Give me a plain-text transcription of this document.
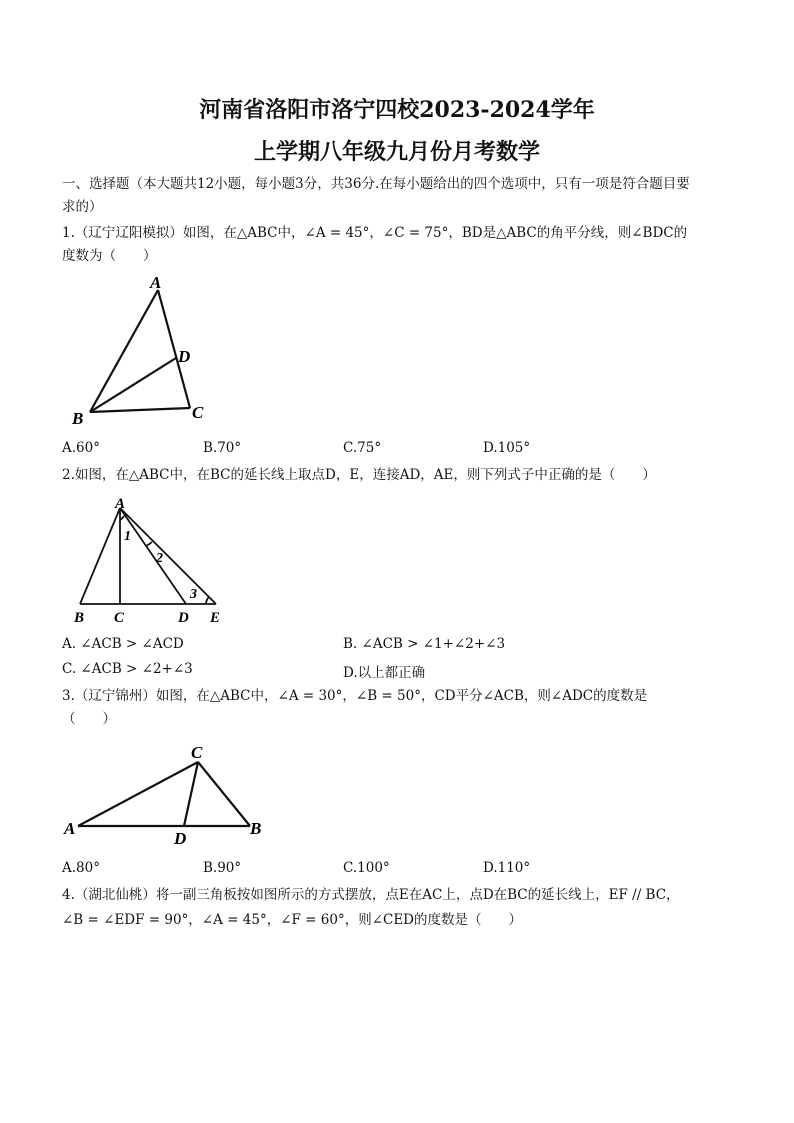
河南省洛阳市洛宁四校2023-2024学年
上学期八年级九月份月考数学
一、选择题（本大题共12小题，每小题3分，共36分.在每小题给出的四个选项中，只有一项是符合题目要
求的）
1.（辽宁辽阳模拟）如图，在△ABC中，∠A = 45°，∠C = 75°，BD是△ABC的角平分线，则∠BDC的
度数为（　　）
A
D
B	C
A.60°	B.70°	C.75°	D.105°
2.如图，在△ABC中，在BC的延长线上取点D，E，连接AD，AE，则下列式子中正确的是（　　）
A
1
2
3
B C	D E
A. ∠ACB > ∠ACD	B. ∠ACB > ∠1+∠2+∠3
C. ∠ACB > ∠2+∠3	D.以上都正确
3.（辽宁锦州）如图，在△ABC中，∠A = 30°，∠B = 50°，CD平分∠ACB，则∠ADC的度数是
（　　）
C
A
D
B
A.80°	B.90°	C.100°	D.110°
4.（湖北仙桃）将一副三角板按如图所示的方式摆放，点E在AC上，点D在BC的延长线上，EF // BC，
∠B = ∠EDF = 90°，∠A = 45°，∠F = 60°，则∠CED的度数是（　　）
